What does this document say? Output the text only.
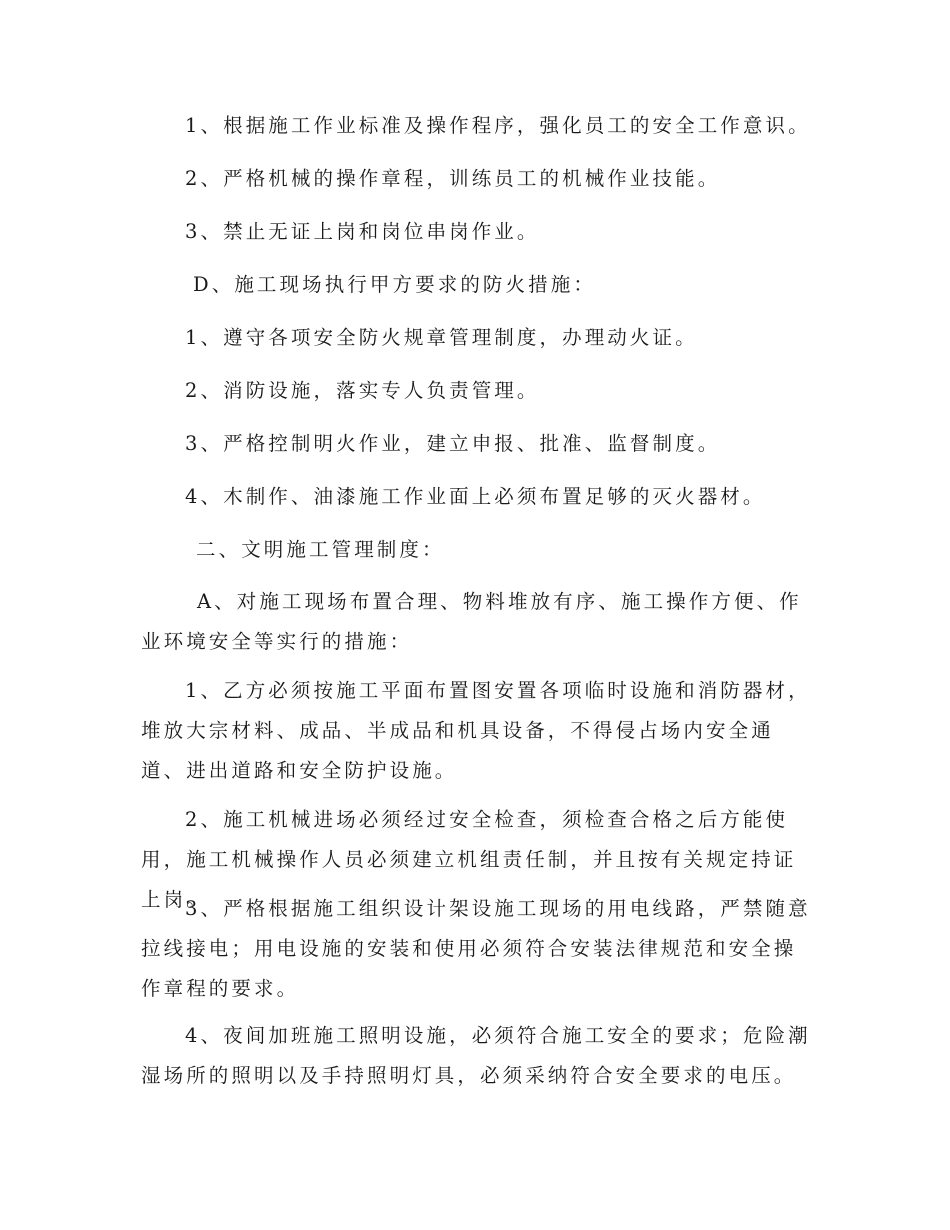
1、根据施工作业标准及操作程序，强化员工的安全工作意识。

2、严格机械的操作章程，训练员工的机械作业技能。

3、禁止无证上岗和岗位串岗作业。

D、施工现场执行甲方要求的防火措施：

1、遵守各项安全防火规章管理制度，办理动火证。

2、消防设施，落实专人负责管理。

3、严格控制明火作业，建立申报、批准、监督制度。

4、木制作、油漆施工作业面上必须布置足够的灭火器材。

二、文明施工管理制度：

A、对施工现场布置合理、物料堆放有序、施工操作方便、作业环境安全等实行的措施：

1、乙方必须按施工平面布置图安置各项临时设施和消防器材，堆放大宗材料、成品、半成品和机具设备，不得侵占场内安全通道、进出道路和安全防护设施。

2、施工机械进场必须经过安全检查，须检查合格之后方能使用，施工机械操作人员必须建立机组责任制，并且按有关规定持证上岗。

3、严格根据施工组织设计架设施工现场的用电线路，严禁随意拉线接电；用电设施的安装和使用必须符合安装法律规范和安全操作章程的要求。

4、夜间加班施工照明设施，必须符合施工安全的要求；危险潮湿场所的照明以及手持照明灯具，必须采纳符合安全要求的电压。
